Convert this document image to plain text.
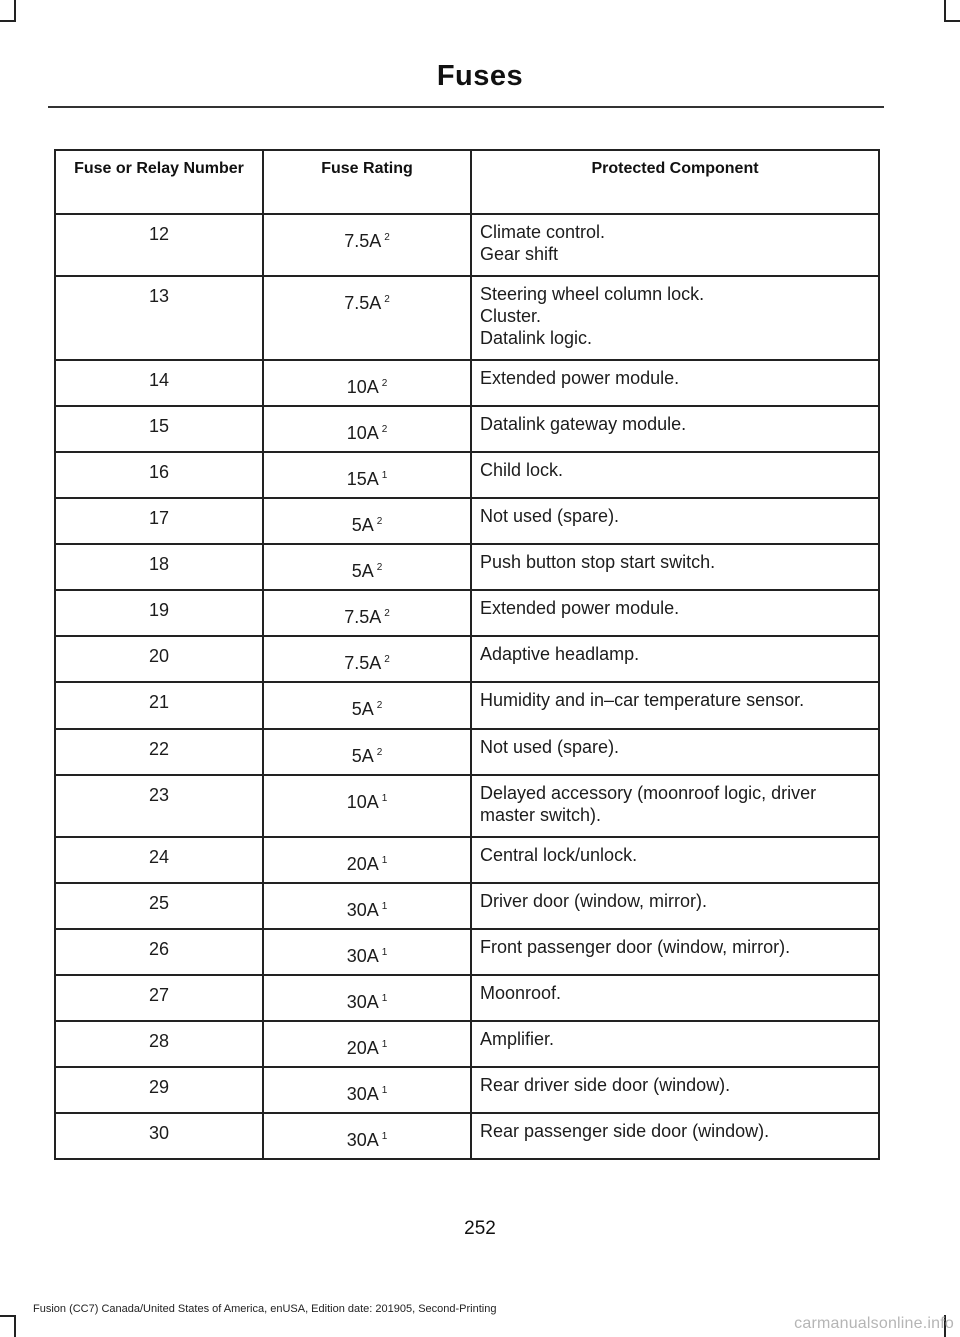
Fuses
Fuse or Relay Number	Fuse Rating	Protected Component
12	7.5A $^2$	Climate control.
Gear shift

13	7.5A $^2$	Steering wheel column lock.
Cluster.
Datalink logic.

14	10A $^2$	Extended power module.

15	10A $^2$	Datalink gateway module.

16	15A $^1$	Child lock.

17	5A $^2$	Not used (spare).

18	5A $^2$	Push button stop start switch.

19	7.5A $^2$	Extended power module.

20	7.5A $^2$	Adaptive headlamp.

21	5A $^2$	Humidity and in–car temperature sensor.

22	5A $^2$	Not used (spare).

23	10A $^1$	Delayed accessory (moonroof logic, driver master switch).

24	20A $^1$	Central lock/unlock.

25	30A $^1$	Driver door (window, mirror).

26	30A $^1$	Front passenger door (window, mirror).

27	30A $^1$	Moonroof.

28	20A $^1$	Amplifier.

29	30A $^1$	Rear driver side door (window).

30	30A $^1$	Rear passenger side door (window).
252
Fusion (CC7) Canada/United States of America, enUSA, Edition date: 201905, Second-Printing
carmanualsonline.info
